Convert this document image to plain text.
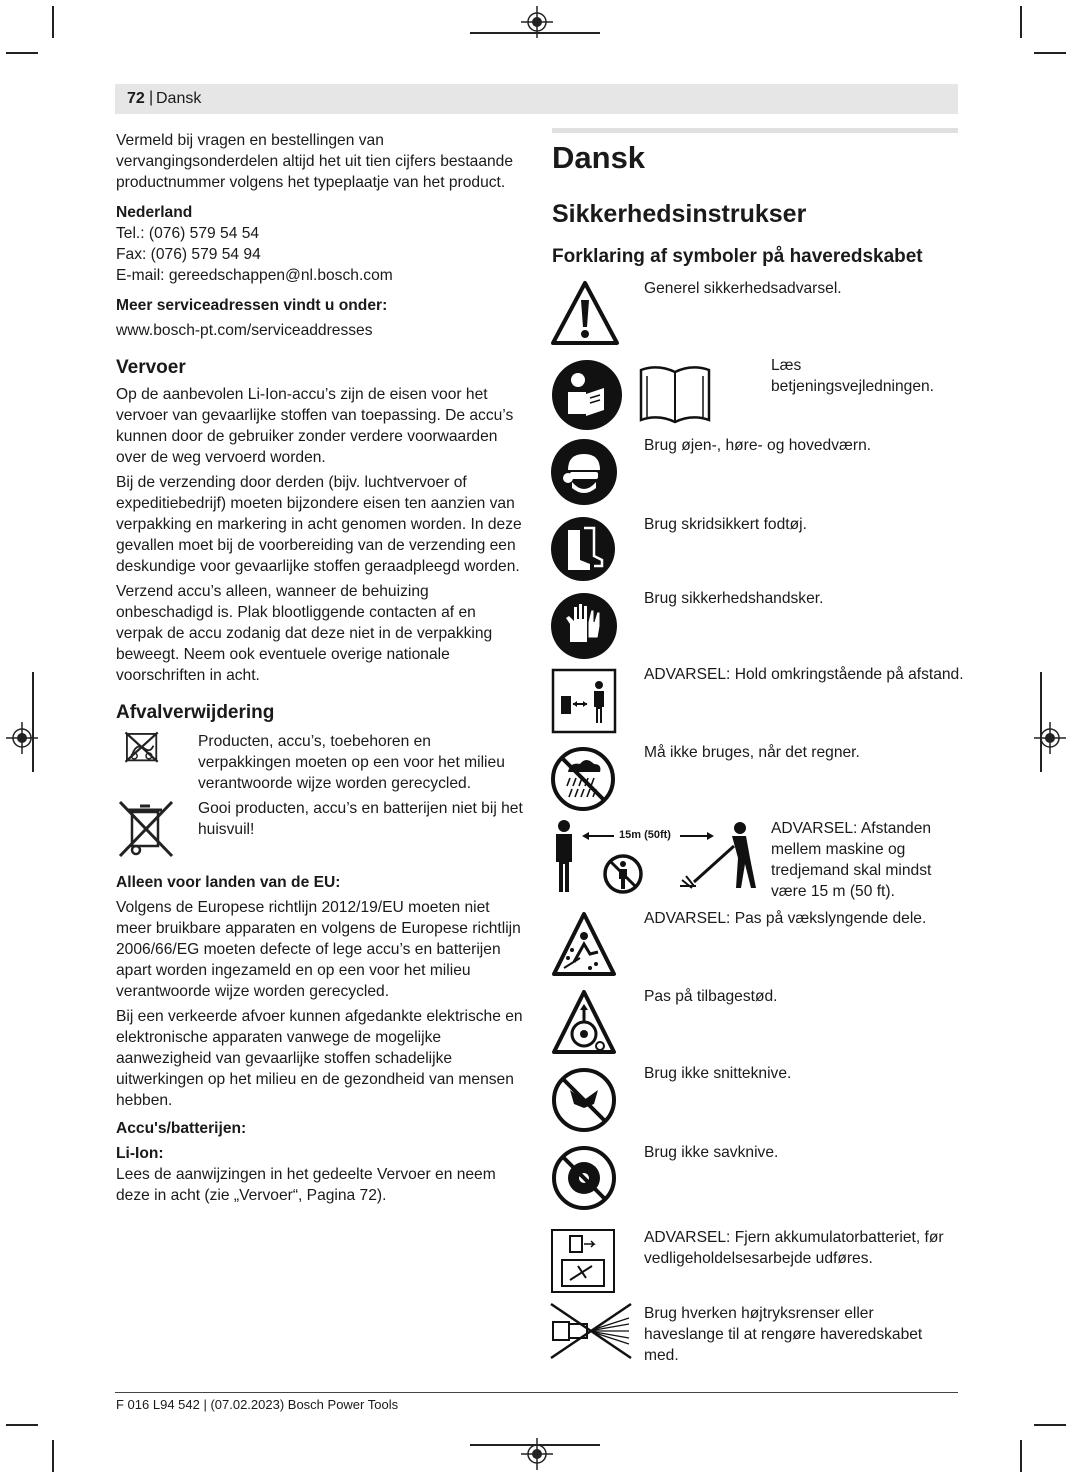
72 | Dansk

Vermeld bij vragen en bestellingen van vervangingsonderdelen altijd het uit tien cijfers bestaande productnummer volgens het typeplaatje van het product.

Nederland
Tel.: (076) 579 54 54
Fax: (076) 579 54 94
E-mail: gereedschappen@nl.bosch.com
Meer serviceadressen vindt u onder:
www.bosch-pt.com/serviceaddresses
Vervoer

Op de aanbevolen Li-Ion-accu’s zijn de eisen voor het vervoer van gevaarlijke stoffen van toepassing. De accu’s kunnen door de gebruiker zonder verdere voorwaarden over de weg vervoerd worden.

Bij de verzending door derden (bijv. luchtvervoer of expeditiebedrijf) moeten bijzondere eisen ten aanzien van verpakking en markering in acht genomen worden. In deze gevallen moet bij de voorbereiding van de verzending een deskundige voor gevaarlijke stoffen geraadpleegd worden.

Verzend accu’s alleen, wanneer de behuizing onbeschadigd is. Plak blootliggende contacten af en verpak de accu zodanig dat deze niet in de verpakking beweegt. Neem ook eventuele overige nationale voorschriften in acht.

Afvalverwijdering
Producten, accu’s, toebehoren en verpakkingen moeten op een voor het milieu verantwoorde wijze worden gerecycled.
Gooi producten, accu’s en batterijen niet bij het huisvuil!
Alleen voor landen van de EU:

Volgens de Europese richtlijn 2012/19/EU moeten niet meer bruikbare apparaten en volgens de Europese richtlijn 2006/66/EG moeten defecte of lege accu’s en batterijen apart worden ingezameld en op een voor het milieu verantwoorde wijze worden gerecycled.

Bij een verkeerde afvoer kunnen afgedankte elektrische en elektronische apparaten vanwege de mogelijke aanwezigheid van gevaarlijke stoffen schadelijke uitwerkingen op het milieu en de gezondheid van mensen hebben.

Accu's/batterijen:
Li-Ion:

Lees de aanwijzingen in het gedeelte Vervoer en neem deze in acht (zie „Vervoer“, Pagina 72).

Dansk
Sikkerhedsinstrukser
Forklaring af symboler på haveredskabet
Generel sikkerhedsadvarsel.
Læs betjeningsvejledningen.
Brug øjen-, høre- og hovedværn.
Brug skridsikkert fodtøj.
Brug sikkerhedshandsker.
ADVARSEL: Hold omkringstående på afstand.
Må ikke bruges, når det regner.
15m (50ft)	ADVARSEL: Afstanden mellem maskine og tredjemand skal mindst være 15 m (50 ft).
ADVARSEL: Pas på vækslyngende dele.
Pas på tilbagestød.
Brug ikke snitteknive.
Brug ikke savknive.
ADVARSEL: Fjern akkumulatorbatteriet, før vedligeholdelsesarbejde udføres.
Brug hverken højtryksrenser eller haveslange til at rengøre haveredskabet med.
F 016 L94 542 | (07.02.2023) Bosch Power Tools
